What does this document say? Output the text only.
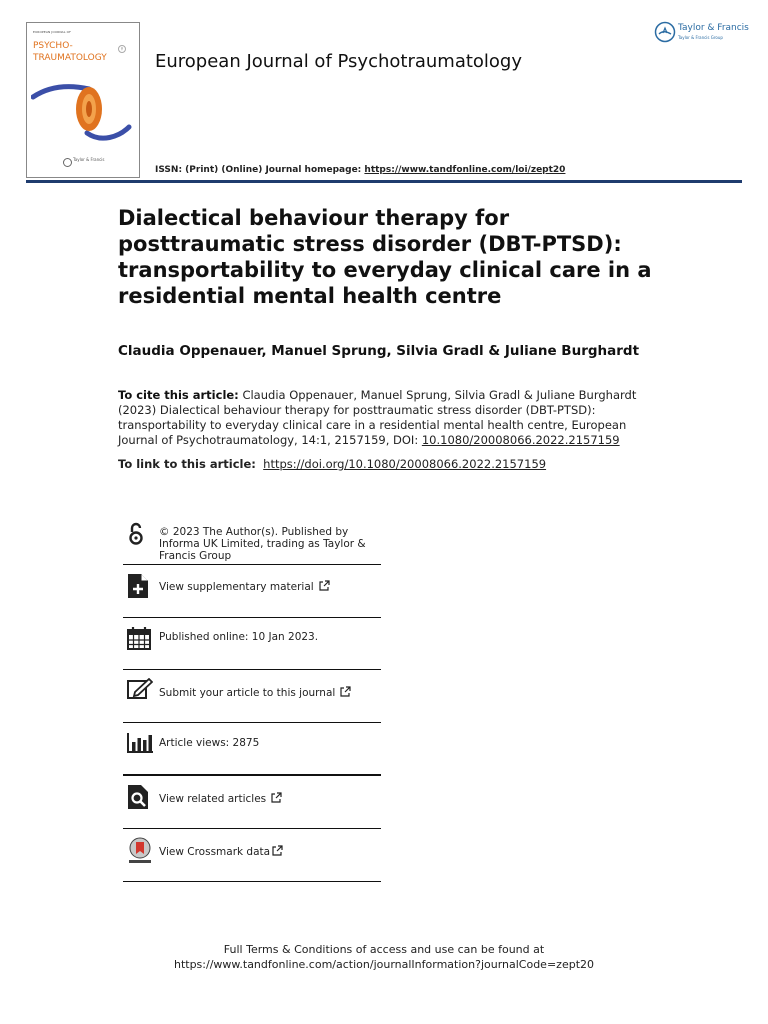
EUROPEAN JOURNAL OF
PSYCHO-
TRAUMATOLOGY
⚲
Taylor & Francis
European Journal of Psychotraumatology
Taylor & Francis
Taylor & Francis Group
ISSN: (Print) (Online) Journal homepage: https://www.tandfonline.com/loi/zept20
Dialectical behaviour therapy for posttraumatic stress disorder (DBT-PTSD): transportability to everyday clinical care in a residential mental health centre
Claudia Oppenauer, Manuel Sprung, Silvia Gradl & Juliane Burghardt
To cite this article: Claudia Oppenauer, Manuel Sprung, Silvia Gradl & Juliane Burghardt (2023) Dialectical behaviour therapy for posttraumatic stress disorder (DBT-PTSD): transportability to everyday clinical care in a residential mental health centre, European Journal of Psychotraumatology, 14:1, 2157159, DOI: 10.1080/20008066.2022.2157159
To link to this article: https://doi.org/10.1080/20008066.2022.2157159
© 2023 The Author(s). Published by Informa UK Limited, trading as Taylor & Francis Group
View supplementary material
Published online: 10 Jan 2023.
Submit your article to this journal
Article views: 2875
View related articles
View Crossmark data
Full Terms & Conditions of access and use can be found at
https://www.tandfonline.com/action/journalInformation?journalCode=zept20
